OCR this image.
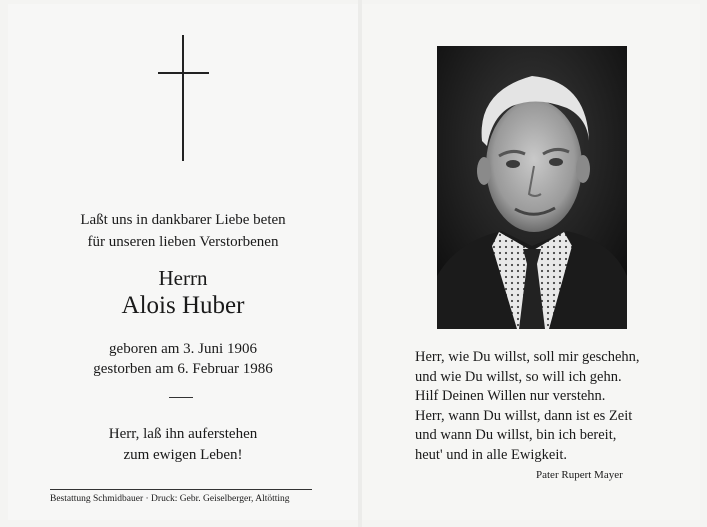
Laßt uns in dankbarer Liebe beten
für unseren lieben Verstorbenen
Herrn
Alois Huber
geboren am 3. Juni 1906
gestorben am 6. Februar 1986
Herr, laß ihn auferstehen
zum ewigen Leben!
Bestattung Schmidbauer · Druck: Gebr. Geiselberger, Altötting
Herr, wie Du willst, soll mir geschehn,
und wie Du willst, so will ich gehn.
Hilf Deinen Willen nur verstehn.
Herr, wann Du willst, dann ist es Zeit
und wann Du willst, bin ich bereit,
heut' und in alle Ewigkeit.
Pater Rupert Mayer
